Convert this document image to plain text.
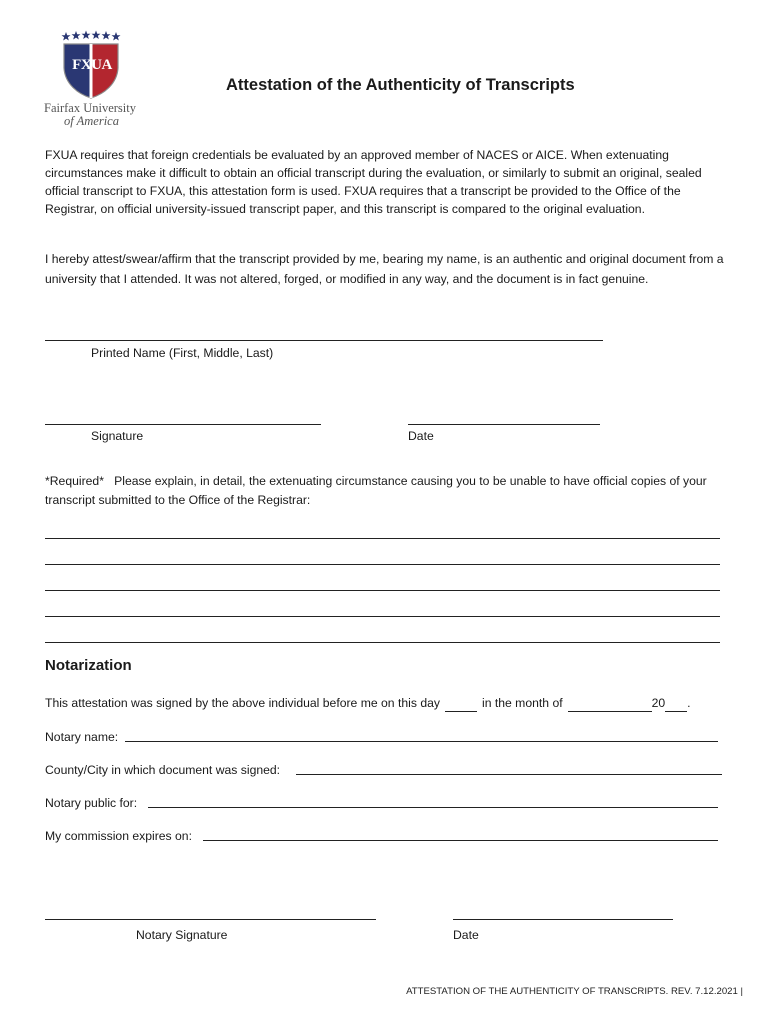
FXUA
Fairfax University
of America
Attestation of the Authenticity of Transcripts
FXUA requires that foreign credentials be evaluated by an approved member of NACES or AICE. When extenuating circumstances make it difficult to obtain an official transcript during the evaluation, or similarly to submit an original, sealed official transcript to FXUA, this attestation form is used. FXUA requires that a transcript be provided to the Office of the Registrar, on official university-issued transcript paper, and this transcript is compared to the original evaluation.
I hereby attest/swear/affirm that the transcript provided by me, bearing my name, is an authentic and original document from a university that I attended. It was not altered, forged, or modified in any way, and the document is in fact genuine.
Printed Name (First, Middle, Last)
Signature	Date
*Required* Please explain, in detail, the extenuating circumstance causing you to be unable to have official copies of your transcript submitted to the Office of the Registrar:
Notarization
This attestation was signed by the above individual before me on this day	in the month of	20 .
Notary name:
County/City in which document was signed:
Notary public for:
My commission expires on:
Notary Signature	Date
ATTESTATION OF THE AUTHENTICITY OF TRANSCRIPTS. REV. 7.12.2021 |
